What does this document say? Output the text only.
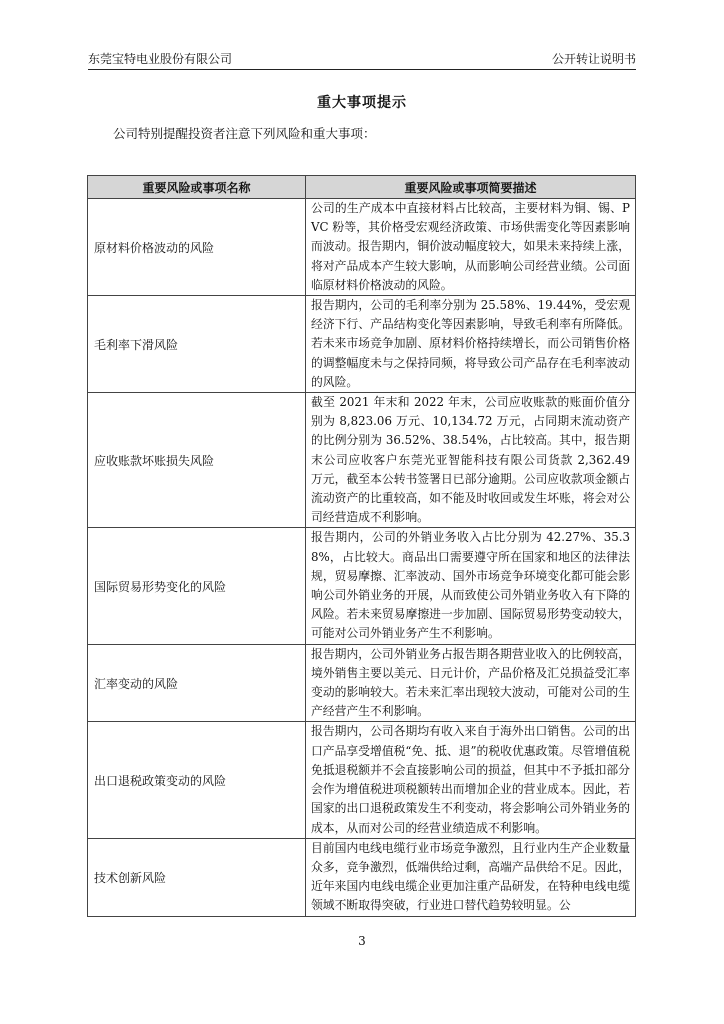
东莞宝特电业股份有限公司	公开转让说明书
重大事项提示
公司特别提醒投资者注意下列风险和重大事项：
重要风险或事项名称	重要风险或事项简要描述
原材料价格波动的风险	公司的生产成本中直接材料占比较高，主要材料为铜、锡、PVC 粉等，其价格受宏观经济政策、市场供需变化等因素影响而波动。报告期内，铜价波动幅度较大，如果未来持续上涨，将对产品成本产生较大影响，从而影响公司经营业绩。公司面临原材料价格波动的风险。
毛利率下滑风险	报告期内，公司的毛利率分别为 25.58%、19.44%，受宏观经济下行、产品结构变化等因素影响，导致毛利率有所降低。若未来市场竞争加剧、原材料价格持续增长，而公司销售价格的调整幅度未与之保持同频，将导致公司产品存在毛利率波动的风险。
应收账款坏账损失风险	截至 2021 年末和 2022 年末，公司应收账款的账面价值分别为 8,823.06 万元、10,134.72 万元，占同期末流动资产的比例分别为 36.52%、38.54%，占比较高。其中，报告期末公司应收客户东莞光亚智能科技有限公司货款 2,362.49 万元，截至本公转书签署日已部分逾期。公司应收款项金额占流动资产的比重较高，如不能及时收回或发生坏账，将会对公司经营造成不利影响。
国际贸易形势变化的风险	报告期内，公司的外销业务收入占比分别为 42.27%、35.38%，占比较大。商品出口需要遵守所在国家和地区的法律法规，贸易摩擦、汇率波动、国外市场竞争环境变化都可能会影响公司外销业务的开展，从而致使公司外销业务收入有下降的风险。若未来贸易摩擦进一步加剧、国际贸易形势变动较大，可能对公司外销业务产生不利影响。
汇率变动的风险	报告期内，公司外销业务占报告期各期营业收入的比例较高，境外销售主要以美元、日元计价，产品价格及汇兑损益受汇率变动的影响较大。若未来汇率出现较大波动，可能对公司的生产经营产生不利影响。
出口退税政策变动的风险	报告期内，公司各期均有收入来自于海外出口销售。公司的出口产品享受增值税“免、抵、退”的税收优惠政策。尽管增值税免抵退税额并不会直接影响公司的损益，但其中不予抵扣部分会作为增值税进项税额转出而增加企业的营业成本。因此，若国家的出口退税政策发生不利变动，将会影响公司外销业务的成本，从而对公司的经营业绩造成不利影响。
技术创新风险	目前国内电线电缆行业市场竞争激烈，且行业内生产企业数量众多，竞争激烈，低端供给过剩，高端产品供给不足。因此，近年来国内电线电缆企业更加注重产品研发，在特种电线电缆领域不断取得突破，行业进口替代趋势较明显。公
3
